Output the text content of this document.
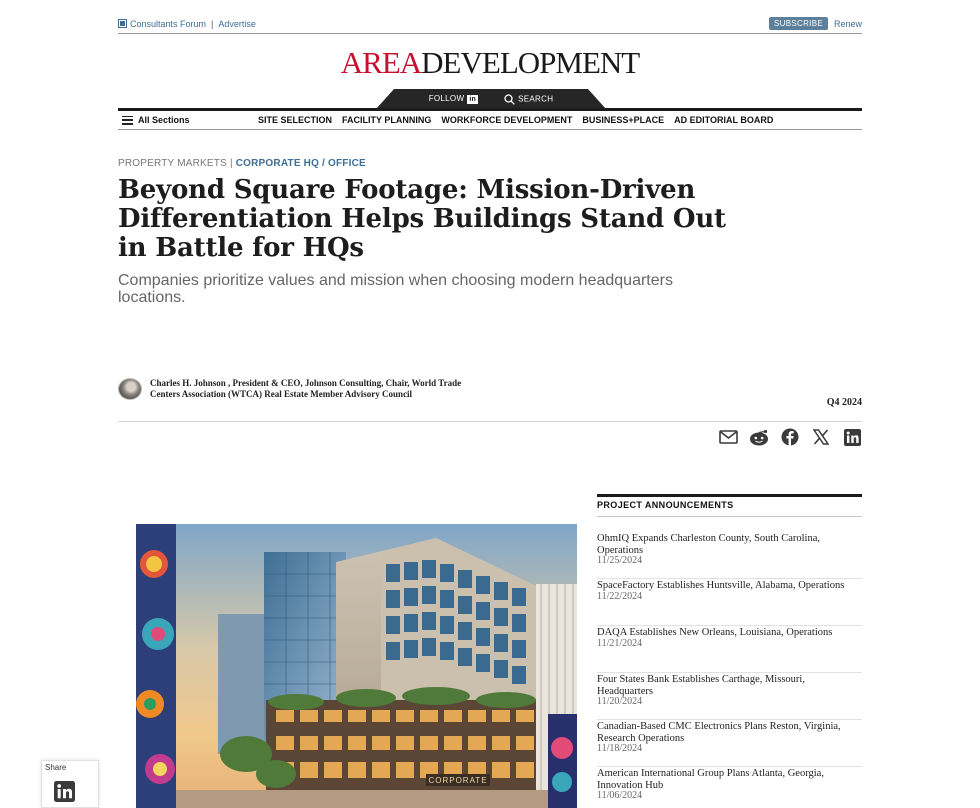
Consultants Forum | Advertise	SUBSCRIBE	Renew
AREADEVELOPMENT
FOLLOW in	SEARCH
All Sections	SITE SELECTION FACILITY PLANNING WORKFORCE DEVELOPMENT BUSINESS+PLACE AD EDITORIAL BOARD
PROPERTY MARKETS | CORPORATE HQ / OFFICE
Beyond Square Footage: Mission-Driven Differentiation Helps Buildings Stand Out in Battle for HQs
Companies prioritize values and mission when choosing modern headquarters locations.
Charles H. Johnson , President & CEO, Johnson Consulting, Chair, World Trade Centers Association (WTCA) Real Estate Member Advisory Council
Q4 2024
CORPORATE
PROJECT ANNOUNCEMENTS
OhmIQ Expands Charleston County, South Carolina, Operations
11/25/2024
SpaceFactory Establishes Huntsville, Alabama, Operations
11/22/2024
DAQA Establishes New Orleans, Louisiana, Operations
11/21/2024
Four States Bank Establishes Carthage, Missouri, Headquarters
11/20/2024
Canadian-Based CMC Electronics Plans Reston, Virginia, Research Operations
11/18/2024
American International Group Plans Atlanta, Georgia, Innovation Hub
11/06/2024
Share
